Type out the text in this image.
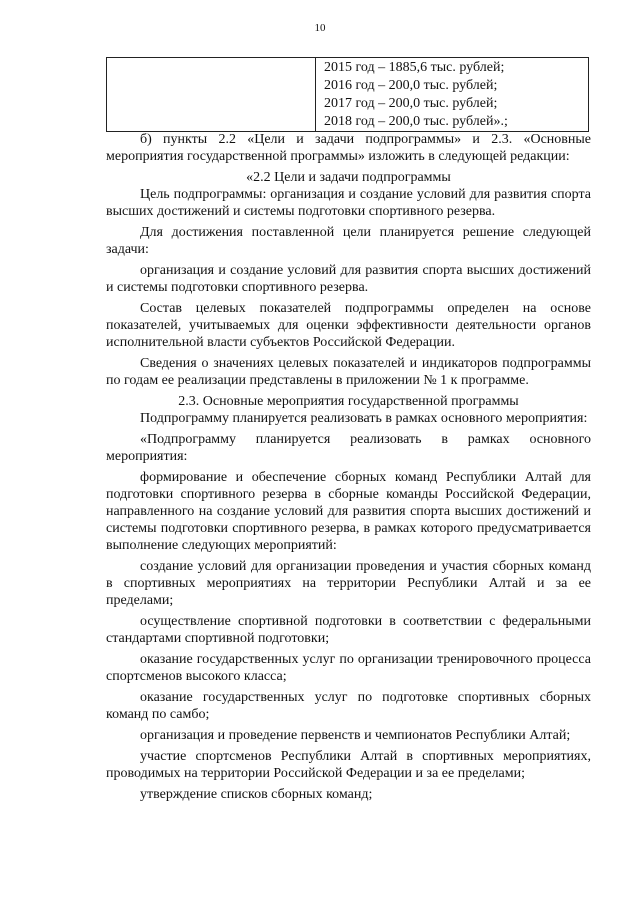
10

2015 год – 1885,6 тыс. рублей;
2016 год – 200,0 тыс. рублей;
2017 год – 200,0 тыс. рублей;
2018 год – 200,0 тыс. рублей».;

б) пункты 2.2 «Цели и задачи подпрограммы» и 2.3. «Основные мероприятия государственной программы» изложить в следующей редакции:

«2.2 Цели и задачи подпрограммы

Цель подпрограммы: организация и создание условий для развития спорта высших достижений и системы подготовки спортивного резерва.

Для достижения поставленной цели планируется решение следующей задачи:

организация и создание условий для развития спорта высших достижений и системы подготовки спортивного резерва.

Состав целевых показателей подпрограммы определен на основе показателей, учитываемых для оценки эффективности деятельности органов исполнительной власти субъектов Российской Федерации.

Сведения о значениях целевых показателей и индикаторов подпрограммы по годам ее реализации представлены в приложении № 1 к программе.

2.3. Основные мероприятия государственной программы

Подпрограмму планируется реализовать в рамках основного мероприятия:

«Подпрограмму планируется реализовать в рамках основного мероприятия:

формирование и обеспечение сборных команд Республики Алтай для подготовки спортивного резерва в сборные команды Российской Федерации, направленного на создание условий для развития спорта высших достижений и системы подготовки спортивного резерва, в рамках которого предусматривается выполнение следующих мероприятий:

создание условий для организации проведения и участия сборных команд в спортивных мероприятиях на территории Республики Алтай и за ее пределами;

осуществление спортивной подготовки в соответствии с федеральными стандартами спортивной подготовки;

оказание государственных услуг по организации тренировочного процесса спортсменов высокого класса;

оказание государственных услуг по подготовке спортивных сборных команд по самбо;

организация и проведение первенств и чемпионатов Республики Алтай;

участие спортсменов Республики Алтай в спортивных мероприятиях, проводимых на территории Российской Федерации и за ее пределами;

утверждение списков сборных команд;
